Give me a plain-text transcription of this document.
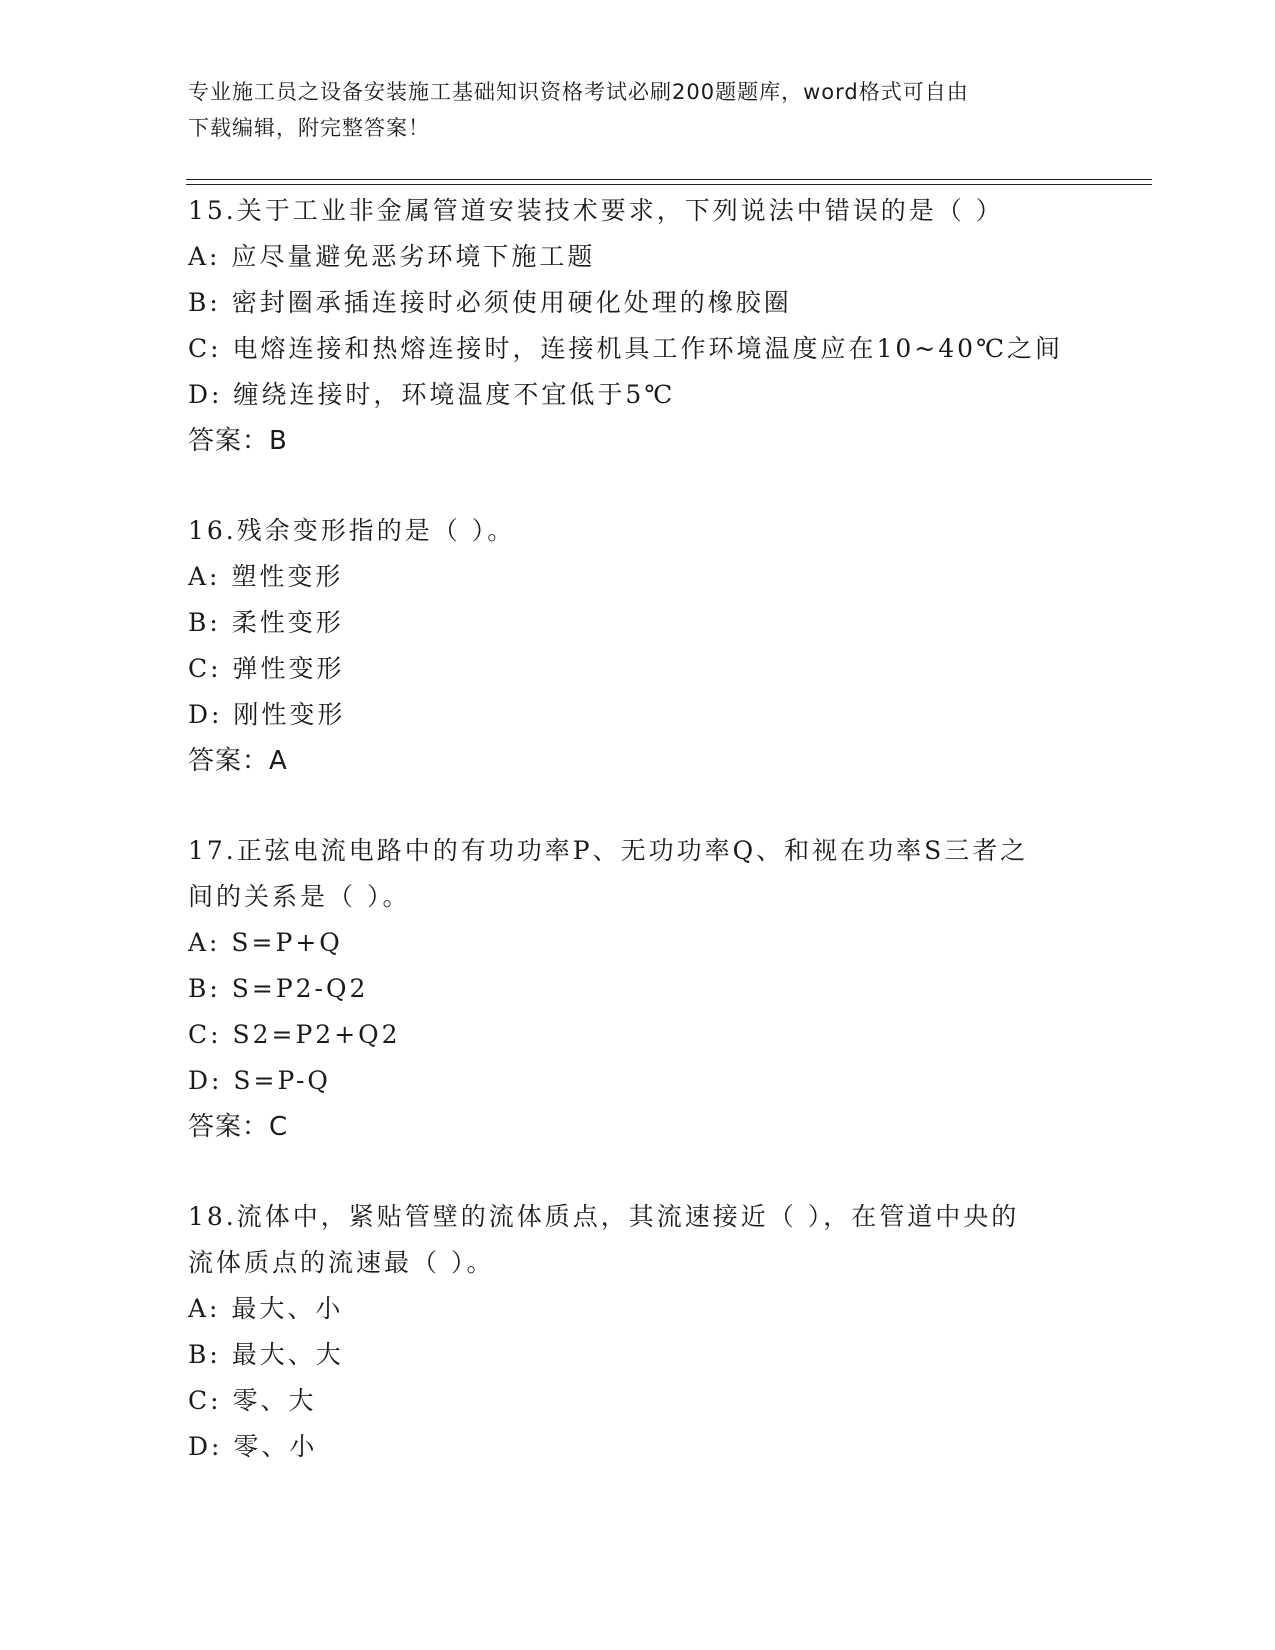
专业施工员之设备安装施工基础知识资格考试必刷200题题库，word格式可自由
下载编辑，附完整答案！
15.关于工业非金属管道安装技术要求，下列说法中错误的是（ ）
A: 应尽量避免恶劣环境下施工题
B: 密封圈承插连接时必须使用硬化处理的橡胶圈
C: 电熔连接和热熔连接时，连接机具工作环境温度应在10~40℃之间
D: 缠绕连接时，环境温度不宜低于5℃
答案：B
16.残余变形指的是（ ）。
A: 塑性变形
B: 柔性变形
C: 弹性变形
D: 刚性变形
答案：A
17.正弦电流电路中的有功功率P、无功功率Q、和视在功率S三者之
间的关系是（ ）。
A: S=P+Q
B: S=P2-Q2
C: S2=P2+Q2
D: S=P-Q
答案：C
18.流体中，紧贴管壁的流体质点，其流速接近（ ），在管道中央的
流体质点的流速最（ ）。
A: 最大、小
B: 最大、大
C: 零、大
D: 零、小
